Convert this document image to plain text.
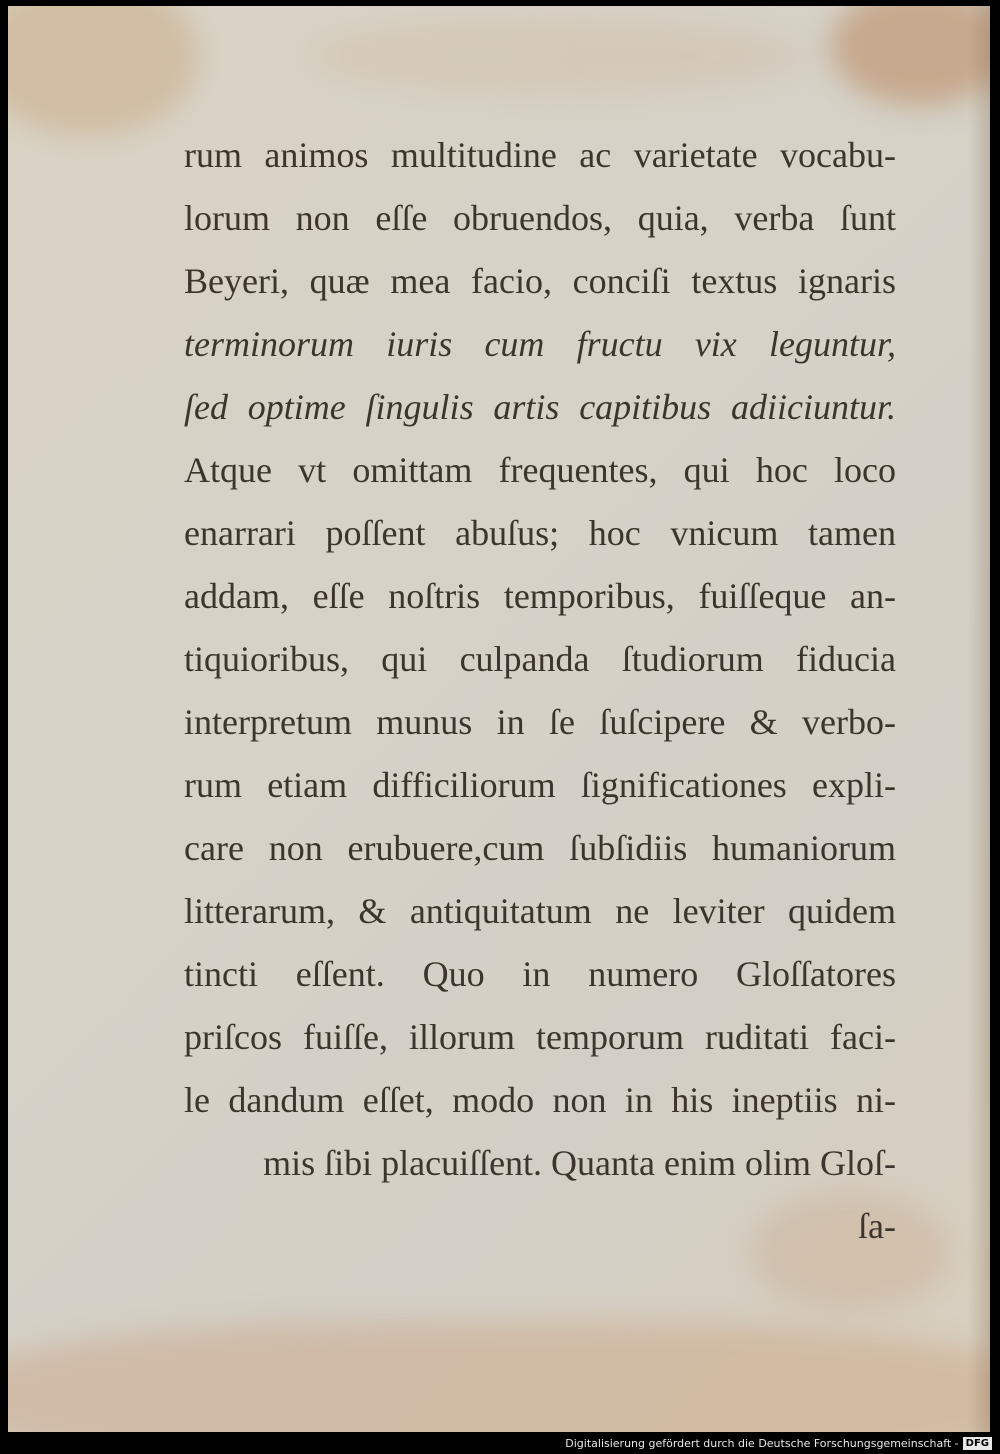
rum animos multitudine ac varietate vocabu-
lorum non eſſe obruendos, quia, verba ſunt
Beyeri, quæ mea facio, conciſi textus ignaris
terminorum iuris cum fructu vix leguntur,
ſed optime ſingulis artis capitibus adiiciuntur.
Atque vt omittam frequentes, qui hoc loco
enarrari poſſent abuſus; hoc vnicum tamen
addam, eſſe noſtris temporibus, fuiſſeque an-
tiquioribus, qui culpanda ſtudiorum fiducia
interpretum munus in ſe ſuſcipere & verbo-
rum etiam difficiliorum ſignificationes expli-
care non erubuere,cum ſubſidiis humaniorum
litterarum, & antiquitatum ne leviter quidem
tincti eſſent. Quo in numero Gloſſatores
priſcos fuiſſe, illorum temporum ruditati faci-
le dandum eſſet, modo non in his ineptiis ni-
mis ſibi placuiſſent. Quanta enim olim Gloſ-
ſa-
Digitalisierung gefördert durch die Deutsche Forschungsgemeinschaft - DFG
